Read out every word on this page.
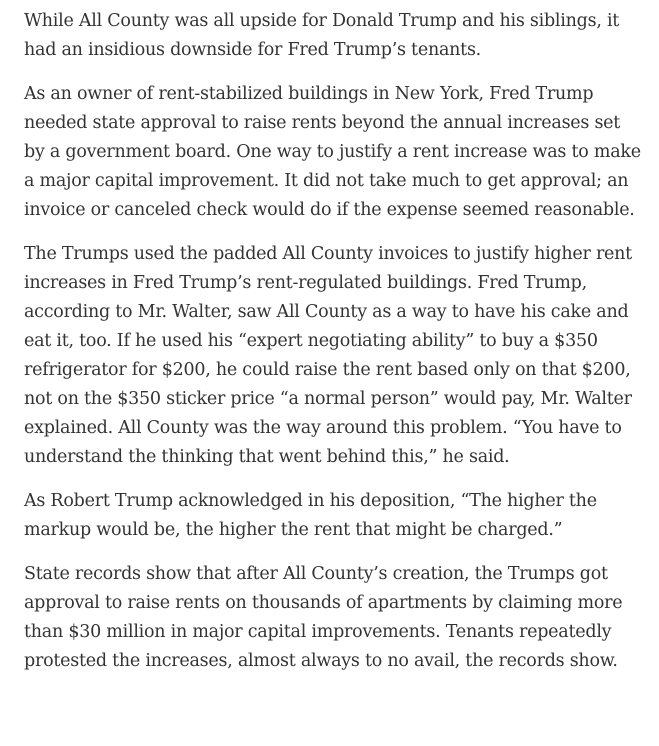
While All County was all upside for Donald Trump and his siblings, it had an insidious downside for Fred Trump’s tenants.

As an owner of rent-stabilized buildings in New York, Fred Trump needed state approval to raise rents beyond the annual increases set by a government board. One way to justify a rent increase was to make a major capital improvement. It did not take much to get approval; an invoice or canceled check would do if the expense seemed reasonable.

The Trumps used the padded All County invoices to justify higher rent increases in Fred Trump’s rent-regulated buildings. Fred Trump, according to Mr. Walter, saw All County as a way to have his cake and eat it, too. If he used his “expert negotiating ability” to buy a $350 refrigerator for $200, he could raise the rent based only on that $200, not on the $350 sticker price “a normal person” would pay, Mr. Walter explained. All County was the way around this problem. “You have to understand the thinking that went behind this,” he said.

As Robert Trump acknowledged in his deposition, “The higher the markup would be, the higher the rent that might be charged.”

State records show that after All County’s creation, the Trumps got approval to raise rents on thousands of apartments by claiming more than $30 million in major capital improvements. Tenants repeatedly protested the increases, almost always to no avail, the records show.
